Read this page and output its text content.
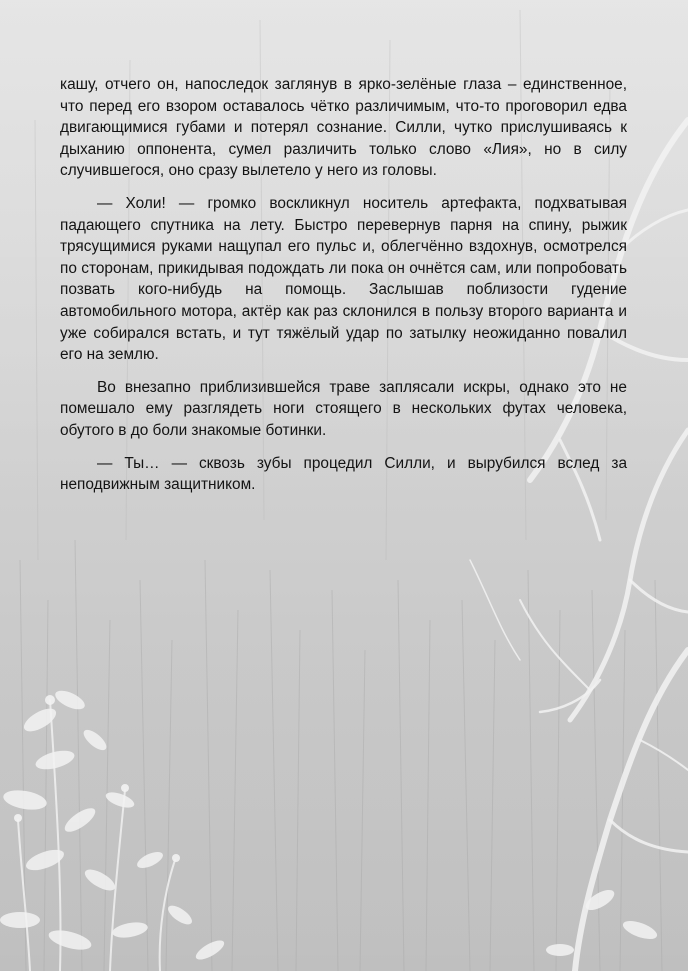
кашу, отчего он, напоследок заглянув в ярко-зелёные глаза – единственное, что перед его взором оставалось чётко различимым, что-то проговорил едва двигающимися губами и потерял сознание. Силли, чутко прислушиваясь к дыханию оппонента, сумел различить только слово «Лия», но в силу случившегося, оно сразу вылетело у него из головы.

— Холи! — громко воскликнул носитель артефакта, подхватывая падающего спутника на лету. Быстро перевернув парня на спину, рыжик трясущимися руками нащупал его пульс и, облегчённо вздохнув, осмотрелся по сторонам, прикидывая подождать ли пока он очнётся сам, или попробовать позвать кого-нибудь на помощь. Заслышав поблизости гудение автомобильного мотора, актёр как раз склонился в пользу второго варианта и уже собирался встать, и тут тяжёлый удар по затылку неожиданно повалил его на землю.

Во внезапно приблизившейся траве заплясали искры, однако это не помешало ему разглядеть ноги стоящего в нескольких футах человека, обутого в до боли знакомые ботинки.

— Ты… — сквозь зубы процедил Силли, и вырубился вслед за неподвижным защитником.
